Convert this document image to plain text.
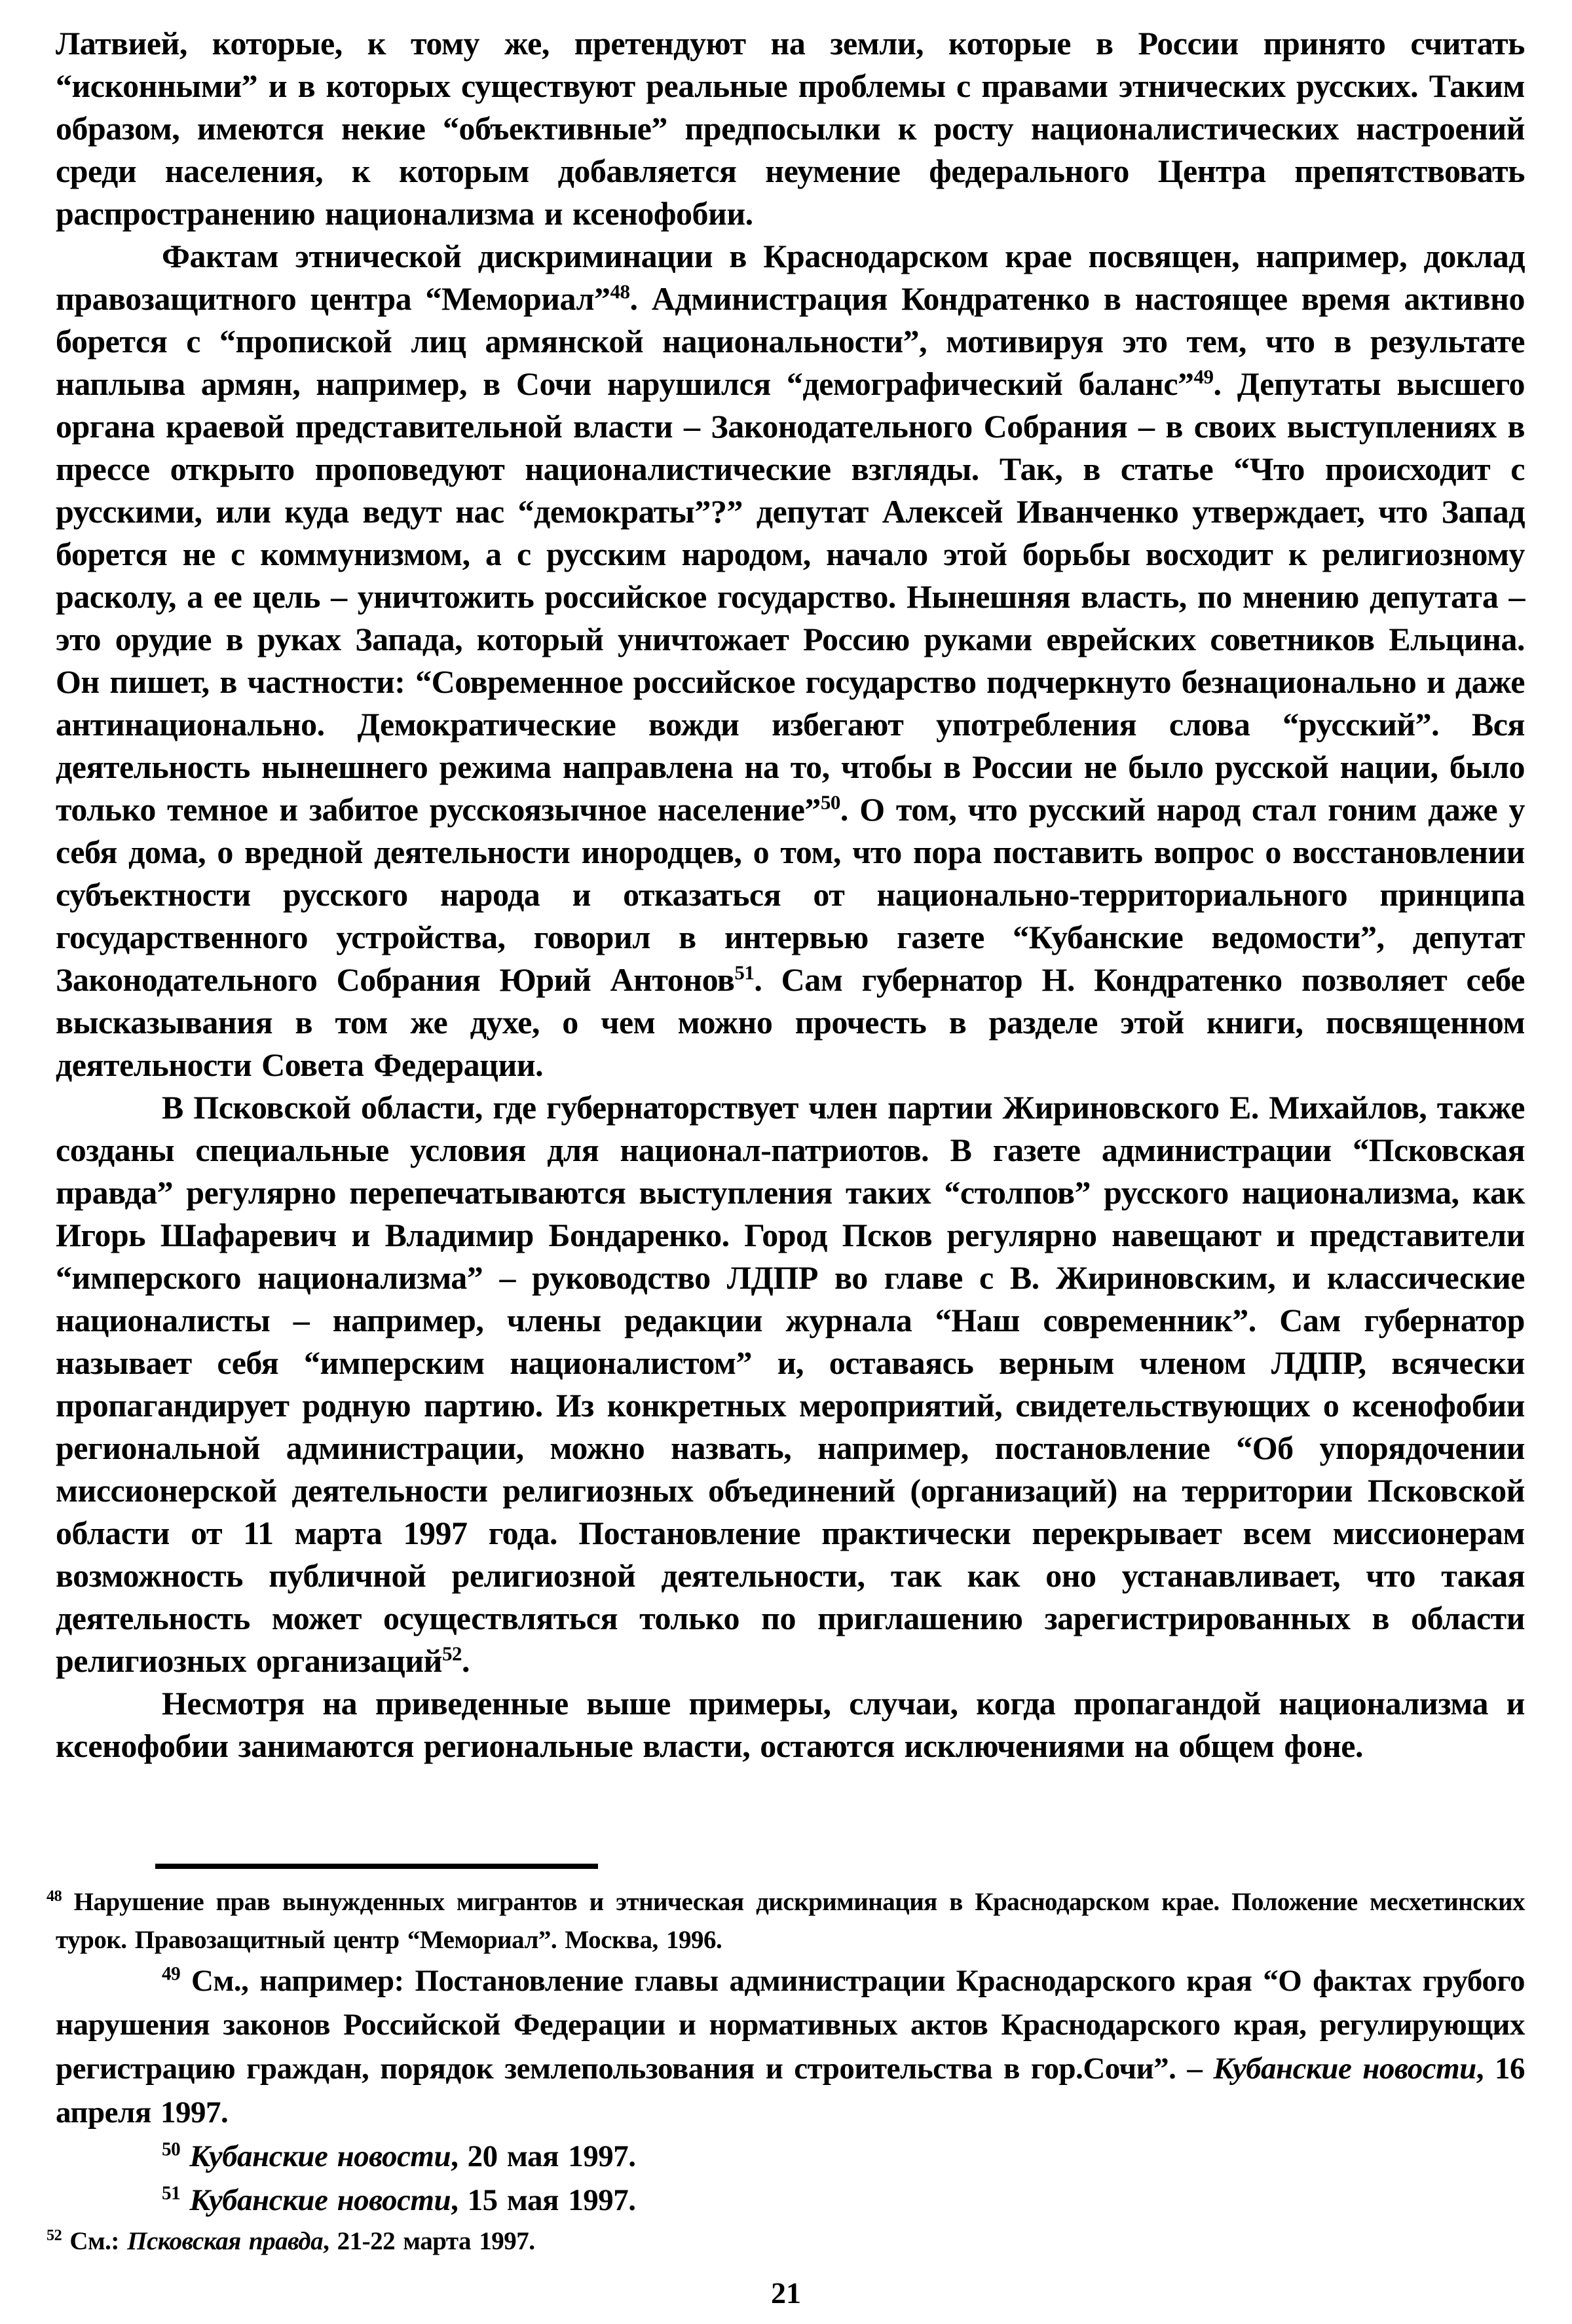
Латвией, которые, к тому же, претендуют на земли, которые в России принято считать “исконными” и в которых существуют реальные проблемы с правами этнических русских. Таким образом, имеются некие “объективные” предпосылки к росту националистических настроений среди населения, к которым добавляется неумение федерального Центра препятствовать распространению национализма и ксенофобии.

Фактам этнической дискриминации в Краснодарском крае посвящен, например, доклад правозащитного центра “Мемориал”$^{48}$. Администрация Кондратенко в настоящее время активно борется с “пропиской лиц армянской национальности”, мотивируя это тем, что в результате наплыва армян, например, в Сочи нарушился “демографический баланс”$^{49}$. Депутаты высшего органа краевой представительной власти – Законодательного Собрания – в своих выступлениях в прессе открыто проповедуют националистические взгляды. Так, в статье “Что происходит с русскими, или куда ведут нас “демократы”?” депутат Алексей Иванченко утверждает, что Запад борется не с коммунизмом, а с русским народом, начало этой борьбы восходит к религиозному расколу, а ее цель – уничтожить российское государство. Нынешняя власть, по мнению депутата – это орудие в руках Запада, который уничтожает Россию руками еврейских советников Ельцина. Он пишет, в частности: “Современное российское государство подчеркнуто безнационально и даже антинационально. Демократические вожди избегают употребления слова “русский”. Вся деятельность нынешнего режима направлена на то, чтобы в России не было русской нации, было только темное и забитое русскоязычное население”$^{50}$. О том, что русский народ стал гоним даже у себя дома, о вредной деятельности инородцев, о том, что пора поставить вопрос о восстановлении субъектности русского народа и отказаться от национально-территориального принципа государственного устройства, говорил в интервью газете “Кубанские ведомости”, депутат Законодательного Собрания Юрий Антонов$^{51}$. Сам губернатор Н. Кондратенко позволяет себе высказывания в том же духе, о чем можно прочесть в разделе этой книги, посвященном деятельности Совета Федерации.

В Псковской области, где губернаторствует член партии Жириновского Е. Михайлов, также созданы специальные условия для национал-патриотов. В газете администрации “Псковская правда” регулярно перепечатываются выступления таких “столпов” русского национализма, как Игорь Шафаревич и Владимир Бондаренко. Город Псков регулярно навещают и представители “имперского национализма” – руководство ЛДПР во главе с В. Жириновским, и классические националисты – например, члены редакции журнала “Наш современник”. Сам губернатор называет себя “имперским националистом” и, оставаясь верным членом ЛДПР, всячески пропагандирует родную партию. Из конкретных мероприятий, свидетельствующих о ксенофобии региональной администрации, можно назвать, например, постановление “Об упорядочении миссионерской деятельности религиозных объединений (организаций) на территории Псковской области от 11 марта 1997 года. Постановление практически перекрывает всем миссионерам возможность публичной религиозной деятельности, так как оно устанавливает, что такая деятельность может осуществляться только по приглашению зарегистрированных в области религиозных организаций$^{52}$.

Несмотря на приведенные выше примеры, случаи, когда пропагандой национализма и ксенофобии занимаются региональные власти, остаются исключениями на общем фоне.

$^{48}$ Нарушение прав вынужденных мигрантов и этническая дискриминация в Краснодарском крае. Положение месхетинских турок. Правозащитный центр “Мемориал”. Москва, 1996.

$^{49}$ См., например: Постановление главы администрации Краснодарского края “О фактах грубого нарушения законов Российской Федерации и нормативных актов Краснодарского края, регулирующих регистрацию граждан, порядок землепользования и строительства в гор.Сочи”. – Кубанские новости, 16 апреля 1997.

$^{50}$ Кубанские новости, 20 мая 1997.

$^{51}$ Кубанские новости, 15 мая 1997.

$^{52}$ См.: Псковская правда, 21-22 марта 1997.

21
